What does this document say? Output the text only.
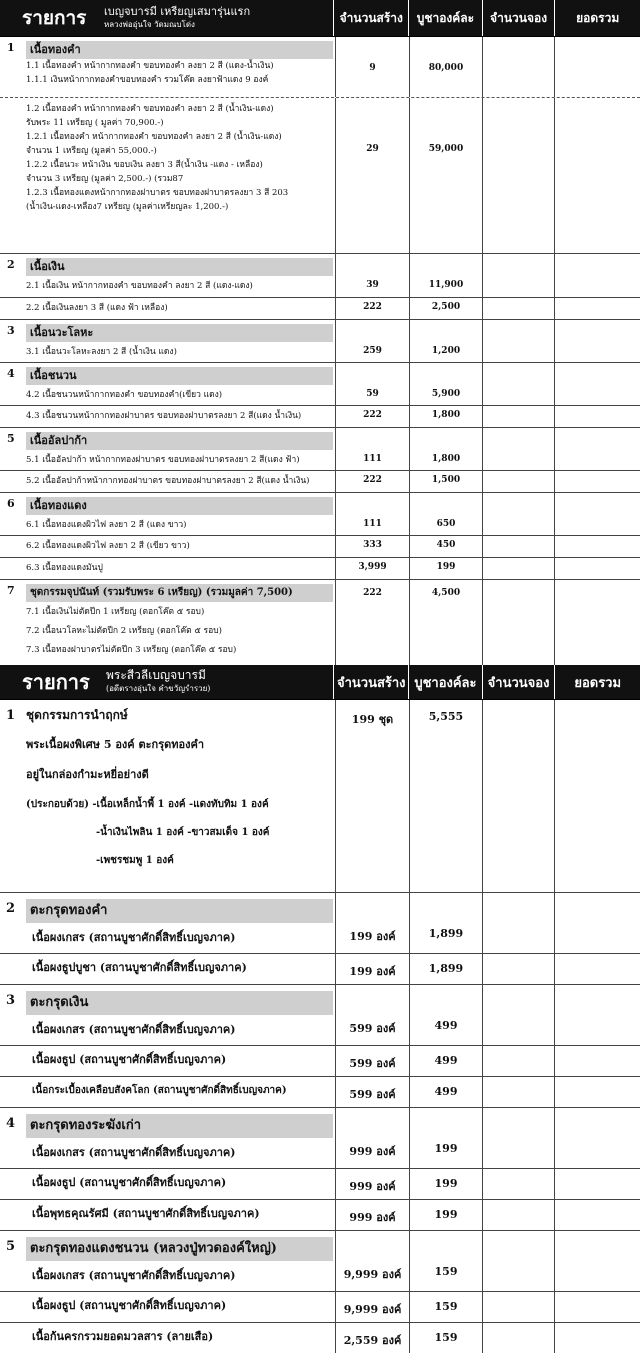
รายการ	เบญจบารมี เหรียญเสมารุ่นแรก
หลวงพ่ออุ่นใจ วัดมณบโด่ง	จำนวนสร้าง	บูชาองค์ละ	จำนวนจอง	ยอดรวม
1	เนื้อทองคำ
1.1 เนื้อทองคำ หน้ากากทองคำ ขอบทองคำ ลงยา 2 สี (แดง-น้ำเงิน)
1.1.1 เงินหน้ากากทองคำขอบทองคำ รวมโค๊ด ลงยาฟ้าแดง 9 องค์
9	80,000
1.2 เนื้อทองคำ หน้ากากทองคำ ขอบทองคำ ลงยา 2 สี (น้ำเงิน-แดง)
รับพระ 11 เหรียญ ( มูลค่า 70,900.-)
1.2.1 เนื้อทองคำ หน้ากากทองคำ ขอบทองคำ ลงยา 2 สี (น้ำเงิน-แดง)
จำนวน 1 เหรียญ (มูลค่า 55,000.-)
1.2.2 เนื้อนวะ หน้าเงิน ขอบเงิน ลงยา 3 สี(น้ำเงิน -แดง - เหลือง)
จำนวน 3 เหรียญ (มูลค่า 2,500.-) (รวม87
1.2.3 เนื้อทองแดงหน้ากากทองฝาบาตร ขอบทองฝาบาตรลงยา 3 สี 203
(น้ำเงิน-แดง-เหลือง7 เหรียญ (มูลค่าเหรียญละ 1,200.-)
29	59,000
2	เนื้อเงิน
2.1 เนื้อเงิน หน้ากากทองคำ ขอบทองคำ ลงยา 2 สี (แดง-แดง)	39	11,900
2.2 เนื้อเงินลงยา 3 สี (แดง ฟ้า เหลือง)	222	2,500
3	เนื้อนวะโลหะ
3.1 เนื้อนวะโลหะลงยา 2 สี (น้ำเงิน แดง)	259	1,200
4	เนื้อชนวน
4.2 เนื้อชนวนหน้ากากทองคำ ขอบทองคำ(เขียว แดง)	59	5,900
4.3 เนื้อชนวนหน้ากากทองฝาบาตร ขอบทองฝาบาตรลงยา 2 สี(แดง น้ำเงิน)	222	1,800
5	เนื้ออัลปาก้า
5.1 เนื้ออัลปาก้า หน้ากากทองฝาบาตร ขอบทองฝาบาตรลงยา 2 สี(แดง ฟ้า)	111	1,800
5.2 เนื้ออัลปาก้าหน้ากากทองฝาบาตร ขอบทองฝาบาตรลงยา 2 สี(แดง น้ำเงิน)	222	1,500
6	เนื้อทองแดง
6.1 เนื้อทองแดงผิวไฟ ลงยา 2 สี (แดง ขาว)	111	650
6.2 เนื้อทองแดงผิวไฟ ลงยา 2 สี (เขียว ขาว)	333	450
6.3 เนื้อทองแดงมันปู	3,999	199
7	ชุดกรรมจุปนันท์ (รวมรับพระ 6 เหรียญ) (รวมมูลค่า 7,500)
7.1 เนื้อเงินไม่ตัดปีก 1 เหรียญ (ตอกโค๊ต ๕ รอบ)
7.2 เนื้อนวโลหะไม่ตัดปีก 2 เหรียญ (ตอกโค๊ต ๕ รอบ)
7.3 เนื้อทองฝาบาตรไม่ตัดปีก 3 เหรียญ (ตอกโค๊ต ๕ รอบ)
222	4,500
รายการ	พระสีวลีเบญจบารมี
(อดีตรางอุ่นใจ คำขวัญรำรวย)	จำนวนสร้าง บูชาองค์ละ จำนวนจอง	ยอดรวม
1 ชุดกรรมการนำฤกษ์
พระเนื้อผงพิเศษ 5 องค์ ตะกรุดทองคำ
อยู่ในกล่องกำมะหยี่อย่างดี
(ประกอบด้วย) -เนื้อเหล็กน้ำพี้ 1 องค์ -แดงทับทิม 1 องค์
-น้ำเงินไพลิน 1 องค์ -ขาวสมเด็จ 1 องค์
-เพชรชมพู 1 องค์
199 ชุด	5,555
2	ตะกรุดทองคำ
เนื้อผงเกสร (สถานบูชาศักดิ์สิทธิ์เบญจภาค)	199 องค์	1,899
เนื้อผงธูปบูชา (สถานบูชาศักดิ์สิทธิ์เบญจภาค)	199 องค์	1,899
3	ตะกรุดเงิน
เนื้อผงเกสร (สถานบูชาศักดิ์สิทธิ์เบญจภาค)	599 องค์	499
เนื้อผงธูป (สถานบูชาศักดิ์สิทธิ์เบญจภาค)	599 องค์	499
เนื้อกระเบื้องเคลือบสังคโลก (สถานบูชาศักดิ์สิทธิ์เบญจภาค)	599 องค์	499
4	ตะกรุดทองระฆังเก่า
เนื้อผงเกสร (สถานบูชาศักดิ์สิทธิ์เบญจภาค)	999 องค์	199
เนื้อผงธูป (สถานบูชาศักดิ์สิทธิ์เบญจภาค)	999 องค์	199
เนื้อพุทธคุณรัศมี (สถานบูชาศักดิ์สิทธิ์เบญจภาค)	999 องค์	199
5	ตะกรุดทองแดงชนวน (หลวงปู่ทวดองค์ใหญ่)
เนื้อผงเกสร (สถานบูชาศักดิ์สิทธิ์เบญจภาค)	9,999 องค์	159
เนื้อผงธูป (สถานบูชาศักดิ์สิทธิ์เบญจภาค)	9,999 องค์	159
เนื้อก้นครกรวมยอดมวลสาร (ลายเสือ)	2,559 องค์	159
